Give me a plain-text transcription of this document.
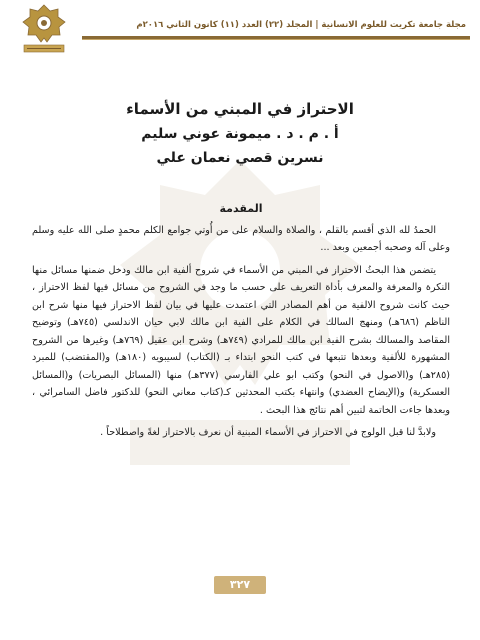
مجلة جامعة تكريت للعلوم الانسانية | المجلد (٢٢) العدد (١١) كانون الثاني ٢٠١٦م
الاحتراز في المبني من الأسماء
أ . م . د . ميمونة عوني سليم
نسرين قصي نعمان علي
المقدمة

الحمدُ لله الذي أقسم بالقلم ، والصلاة والسلام على من أُوتي جوامع الكلم محمدٍ صلى الله عليه وسلم وعلى آله وصحبه أجمعين وبعد ...

يتضمن هذا البحثُ الاحتراز في المبني من الأسماء في شروح ألفية ابن مالك ودخل ضمنها مسائل منها النكرة والمعرفة والمعرف بأداة التعريف على حسب ما وجد في الشروح من مسائل فيها لفظ الاحتراز ، حيث كانت شروح الالفية من أهم المصادر التي اعتمدت عليها في بيان لفظ الاحتراز فيها منها شرح ابن الناظم (٦٨٦هـ) ومنهج السالك في الكلام على الفية ابن مالك لابي حيان الاندلسي (٧٤٥هـ) وتوضيح المقاصد والمسالك بشرح الفية ابن مالك للمرادي (٧٤٩هـ) وشرح ابن عقيل (٧٦٩هـ) وغيرها من الشروح المشهورة للألفية وبعدها تتبعها في كتب النحو ابتداء بـ (الكتاب) لسيبويه (١٨٠هـ) و(المقتضب) للمبرد (٢٨٥هـ) و(الاصول في النحو) وكتب ابو علي الفارسي (٣٧٧هـ) منها (المسائل البصريات) و(المسائل العسكرية) و(الإيضاح العضدي) وانتهاء بكتب المحدثين كـ(كتاب معاني النحو) للدكتور فاضل السامرائي ، وبعدها جاءت الخاتمة لتبين أهم نتائج هذا البحث .

ولابدَّ لنا قبل الولوج في الاحتراز في الأسماء المبنية أن نعرف بالاحتراز لغةً واصطلاحاً .

٣٢٧
